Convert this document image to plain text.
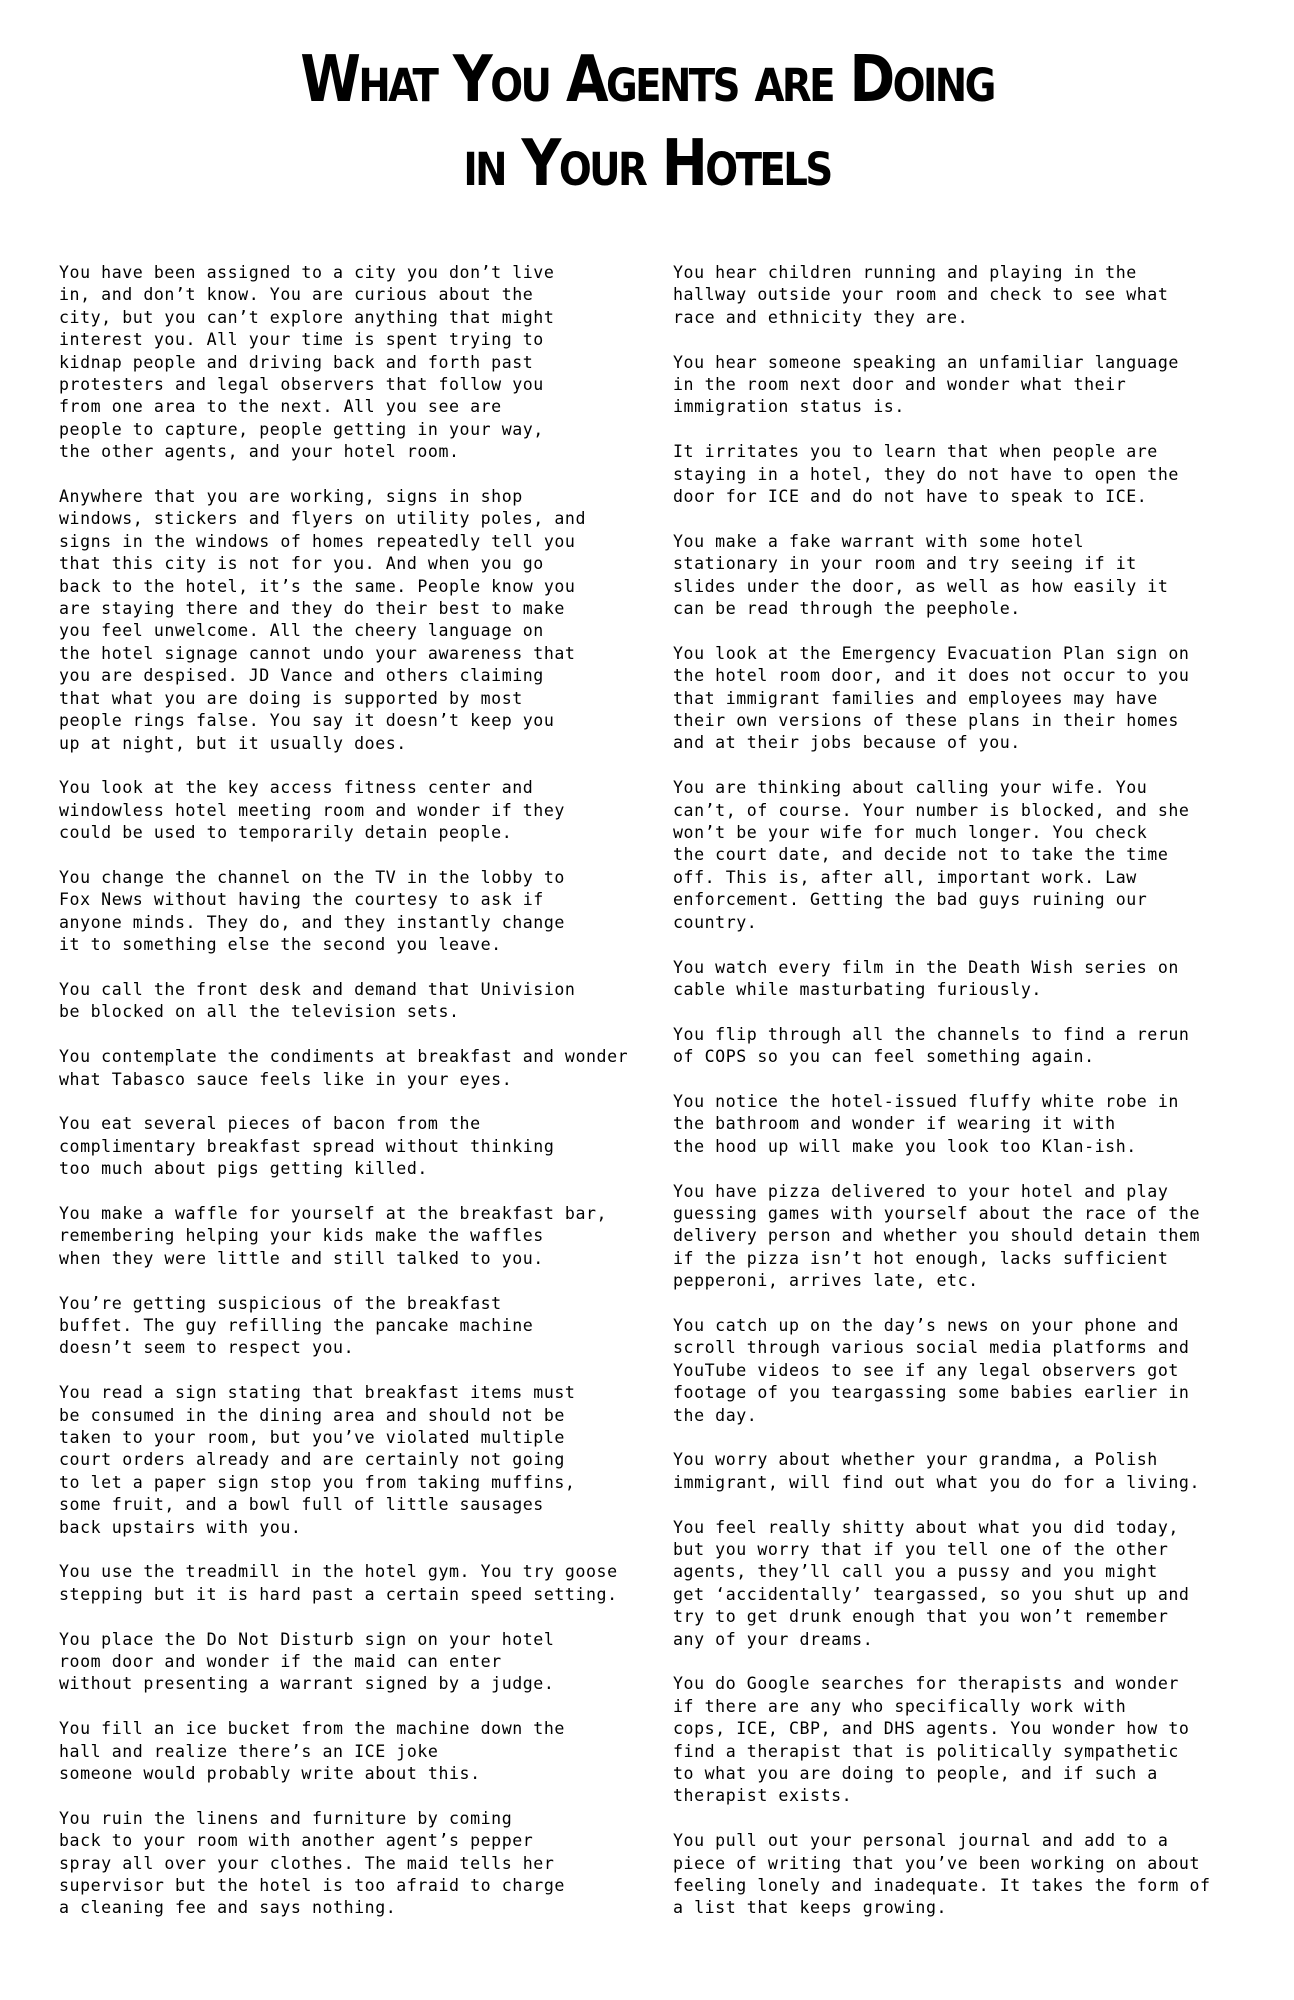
What You Agents are Doing
in Your Hotels

You have been assigned to a city you don’t live
in, and don’t know. You are curious about the
city, but you can’t explore anything that might
interest you. All your time is spent trying to
kidnap people and driving back and forth past
protesters and legal observers that follow you
from one area to the next. All you see are
people to capture, people getting in your way,
the other agents, and your hotel room.

Anywhere that you are working, signs in shop
windows, stickers and flyers on utility poles, and
signs in the windows of homes repeatedly tell you
that this city is not for you. And when you go
back to the hotel, it’s the same. People know you
are staying there and they do their best to make
you feel unwelcome. All the cheery language on
the hotel signage cannot undo your awareness that
you are despised. JD Vance and others claiming
that what you are doing is supported by most
people rings false. You say it doesn’t keep you
up at night, but it usually does.

You look at the key access fitness center and
windowless hotel meeting room and wonder if they
could be used to temporarily detain people.

You change the channel on the TV in the lobby to
Fox News without having the courtesy to ask if
anyone minds. They do, and they instantly change
it to something else the second you leave.

You call the front desk and demand that Univision
be blocked on all the television sets.

You contemplate the condiments at breakfast and wonder
what Tabasco sauce feels like in your eyes.

You eat several pieces of bacon from the
complimentary breakfast spread without thinking
too much about pigs getting killed.

You make a waffle for yourself at the breakfast bar,
remembering helping your kids make the waffles
when they were little and still talked to you.

You’re getting suspicious of the breakfast
buffet. The guy refilling the pancake machine
doesn’t seem to respect you.

You read a sign stating that breakfast items must
be consumed in the dining area and should not be
taken to your room, but you’ve violated multiple
court orders already and are certainly not going
to let a paper sign stop you from taking muffins,
some fruit, and a bowl full of little sausages
back upstairs with you.

You use the treadmill in the hotel gym. You try goose
stepping but it is hard past a certain speed setting.

You place the Do Not Disturb sign on your hotel
room door and wonder if the maid can enter
without presenting a warrant signed by a judge.

You fill an ice bucket from the machine down the
hall and realize there’s an ICE joke
someone would probably write about this.

You ruin the linens and furniture by coming
back to your room with another agent’s pepper
spray all over your clothes. The maid tells her
supervisor but the hotel is too afraid to charge
a cleaning fee and says nothing.

You hear children running and playing in the
hallway outside your room and check to see what
race and ethnicity they are.

You hear someone speaking an unfamiliar language
in the room next door and wonder what their
immigration status is.

It irritates you to learn that when people are
staying in a hotel, they do not have to open the
door for ICE and do not have to speak to ICE.

You make a fake warrant with some hotel
stationary in your room and try seeing if it
slides under the door, as well as how easily it
can be read through the peephole.

You look at the Emergency Evacuation Plan sign on
the hotel room door, and it does not occur to you
that immigrant families and employees may have
their own versions of these plans in their homes
and at their jobs because of you.

You are thinking about calling your wife. You
can’t, of course. Your number is blocked, and she
won’t be your wife for much longer. You check
the court date, and decide not to take the time
off. This is, after all, important work. Law
enforcement. Getting the bad guys ruining our
country.

You watch every film in the Death Wish series on
cable while masturbating furiously.

You flip through all the channels to find a rerun
of COPS so you can feel something again.

You notice the hotel-issued fluffy white robe in
the bathroom and wonder if wearing it with
the hood up will make you look too Klan-ish.

You have pizza delivered to your hotel and play
guessing games with yourself about the race of the
delivery person and whether you should detain them
if the pizza isn’t hot enough, lacks sufficient
pepperoni, arrives late, etc.

You catch up on the day’s news on your phone and
scroll through various social media platforms and
YouTube videos to see if any legal observers got
footage of you teargassing some babies earlier in
the day.

You worry about whether your grandma, a Polish
immigrant, will find out what you do for a living.

You feel really shitty about what you did today,
but you worry that if you tell one of the other
agents, they’ll call you a pussy and you might
get ‘accidentally’ teargassed, so you shut up and
try to get drunk enough that you won’t remember
any of your dreams.

You do Google searches for therapists and wonder
if there are any who specifically work with
cops, ICE, CBP, and DHS agents. You wonder how to
find a therapist that is politically sympathetic
to what you are doing to people, and if such a
therapist exists.

You pull out your personal journal and add to a
piece of writing that you’ve been working on about
feeling lonely and inadequate. It takes the form of
a list that keeps growing.
